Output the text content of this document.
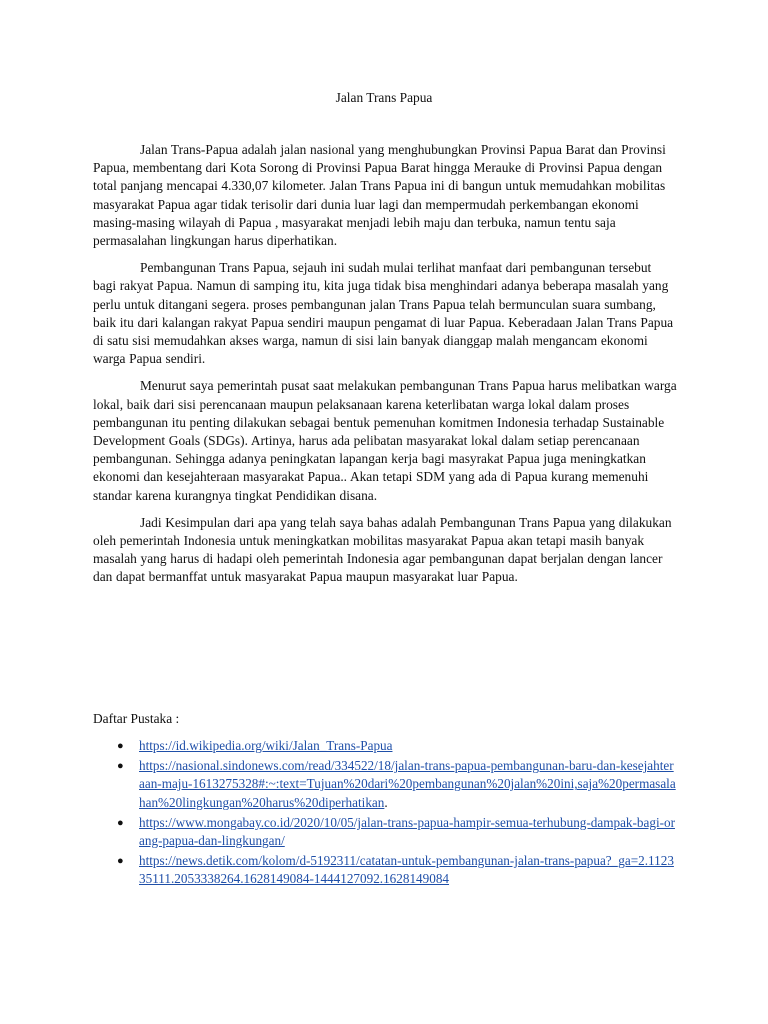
Jalan Trans Papua

Jalan Trans-Papua adalah jalan nasional yang menghubungkan Provinsi Papua Barat dan Provinsi Papua, membentang dari Kota Sorong di Provinsi Papua Barat hingga Merauke di Provinsi Papua dengan total panjang mencapai 4.330,07 kilometer. Jalan Trans Papua ini di bangun untuk memudahkan mobilitas masyarakat Papua agar tidak terisolir dari dunia luar lagi dan mempermudah perkembangan ekonomi masing-masing wilayah di Papua , masyarakat menjadi lebih maju dan terbuka, namun tentu saja permasalahan lingkungan harus diperhatikan.

Pembangunan Trans Papua, sejauh ini sudah mulai terlihat manfaat dari pembangunan tersebut bagi rakyat Papua. Namun di samping itu, kita juga tidak bisa menghindari adanya beberapa masalah yang perlu untuk ditangani segera. proses pembangunan jalan Trans Papua telah bermunculan suara sumbang, baik itu dari kalangan rakyat Papua sendiri maupun pengamat di luar Papua. Keberadaan Jalan Trans Papua di satu sisi memudahkan akses warga, namun di sisi lain banyak dianggap malah mengancam ekonomi warga Papua sendiri.

Menurut saya pemerintah pusat saat melakukan pembangunan Trans Papua harus melibatkan warga lokal, baik dari sisi perencanaan maupun pelaksanaan karena keterlibatan warga lokal dalam proses pembangunan itu penting dilakukan sebagai bentuk pemenuhan komitmen Indonesia terhadap Sustainable Development Goals (SDGs). Artinya, harus ada pelibatan masyarakat lokal dalam setiap perencanaan pembangunan. Sehingga adanya peningkatan lapangan kerja bagi masyrakat Papua juga meningkatkan ekonomi dan kesejahteraan masyarakat Papua.. Akan tetapi SDM yang ada di Papua kurang memenuhi standar karena kurangnya tingkat Pendidikan disana.

Jadi Kesimpulan dari apa yang telah saya bahas adalah Pembangunan Trans Papua yang dilakukan oleh pemerintah Indonesia untuk meningkatkan mobilitas masyarakat Papua akan tetapi masih banyak masalah yang harus di hadapi oleh pemerintah Indonesia agar pembangunan dapat berjalan dengan lancer dan dapat bermanffat untuk masyarakat Papua maupun masyarakat luar Papua.

Daftar Pustaka :
● https://id.wikipedia.org/wiki/Jalan_Trans-Papua
● https://nasional.sindonews.com/read/334522/18/jalan-trans-papua-pembangunan-baru-dan-kesejahteraan-maju-1613275328#:~:text=Tujuan%20dari%20pembangunan%20jalan%20ini,saja%20permasalahan%20lingkungan%20harus%20diperhatikan.
● https://www.mongabay.co.id/2020/10/05/jalan-trans-papua-hampir-semua-terhubung-dampak-bagi-orang-papua-dan-lingkungan/
● https://news.detik.com/kolom/d-5192311/catatan-untuk-pembangunan-jalan-trans-papua?_ga=2.112335111.2053338264.1628149084-1444127092.1628149084
